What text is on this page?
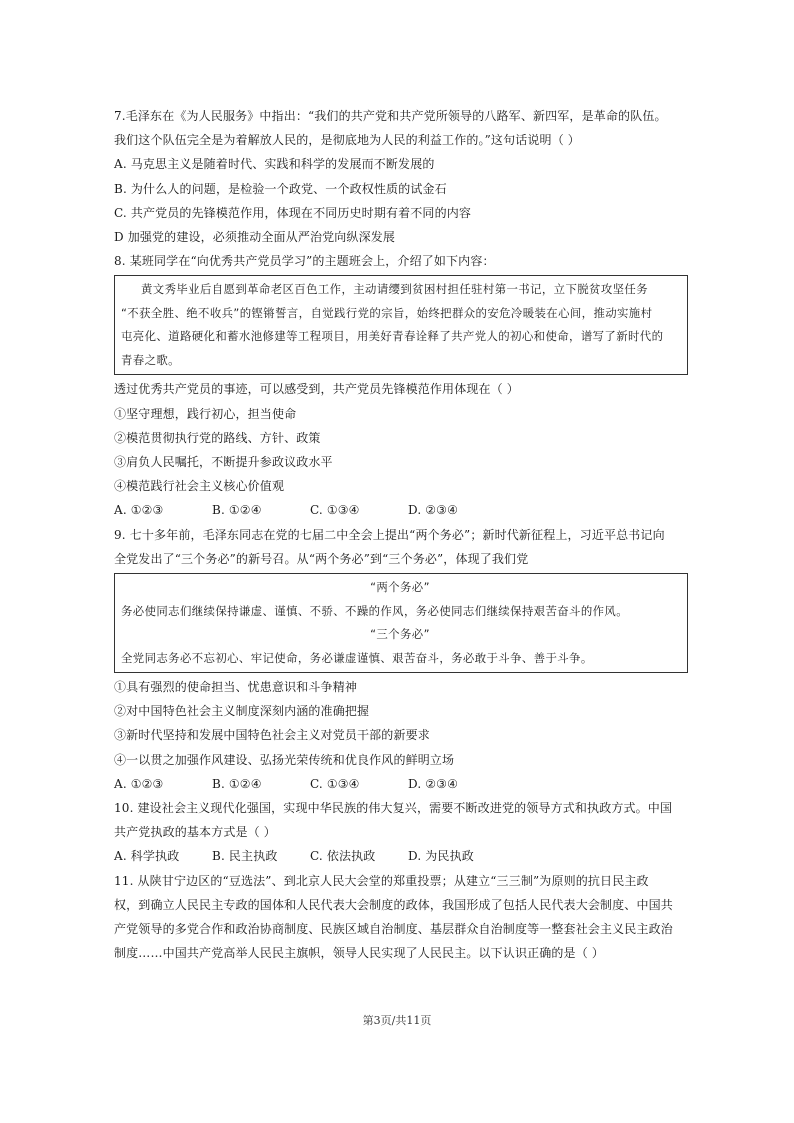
7.毛泽东在《为人民服务》中指出：“我们的共产党和共产党所领导的八路军、新四军，是革命的队伍。
我们这个队伍完全是为着解放人民的，是彻底地为人民的利益工作的。”这句话说明（ ）
A. 马克思主义是随着时代、实践和科学的发展而不断发展的
B. 为什么人的问题，是检验一个政党、一个政权性质的试金石
C. 共产党员的先锋模范作用，体现在不同历史时期有着不同的内容
D 加强党的建设，必须推动全面从严治党向纵深发展
8. 某班同学在“向优秀共产党员学习”的主题班会上，介绍了如下内容：
黄文秀毕业后自愿到革命老区百色工作，主动请缨到贫困村担任驻村第一书记，立下脱贫攻坚任务
“不获全胜、绝不收兵”的铿锵誓言，自觉践行党的宗旨，始终把群众的安危冷暖装在心间，推动实施村
屯亮化、道路硬化和蓄水池修建等工程项目，用美好青春诠释了共产党人的初心和使命，谱写了新时代的
青春之歌。
透过优秀共产党员的事迹，可以感受到，共产党员先锋模范作用体现在（ ）
①坚守理想，践行初心，担当使命
②模范贯彻执行党的路线、方针、政策
③肩负人民嘱托，不断提升参政议政水平
④模范践行社会主义核心价值观
A. ①②③	B. ①②④	C. ①③④	D. ②③④
9. 七十多年前，毛泽东同志在党的七届二中全会上提出“两个务必”；新时代新征程上，习近平总书记向
全党发出了“三个务必”的新号召。从“两个务必”到“三个务必”，体现了我们党
“两个务必”
务必使同志们继续保持谦虚、谨慎、不骄、不躁的作风，务必使同志们继续保持艰苦奋斗的作风。
“三个务必”
全党同志务必不忘初心、牢记使命，务必谦虚谨慎、艰苦奋斗，务必敢于斗争、善于斗争。
①具有强烈的使命担当、忧患意识和斗争精神
②对中国特色社会主义制度深刻内涵的准确把握
③新时代坚持和发展中国特色社会主义对党员干部的新要求
④一以贯之加强作风建设、弘扬光荣传统和优良作风的鲜明立场
A. ①②③	B. ①②④	C. ①③④	D. ②③④
10. 建设社会主义现代化强国，实现中华民族的伟大复兴，需要不断改进党的领导方式和执政方式。中国
共产党执政的基本方式是（ ）
A. 科学执政	B. 民主执政	C. 依法执政	D. 为民执政
11. 从陕甘宁边区的“豆选法”、到北京人民大会堂的郑重投票；从建立“三三制”为原则的抗日民主政
权，到确立人民民主专政的国体和人民代表大会制度的政体，我国形成了包括人民代表大会制度、中国共
产党领导的多党合作和政治协商制度、民族区域自治制度、基层群众自治制度等一整套社会主义民主政治
制度……中国共产党高举人民民主旗帜，领导人民实现了人民民主。以下认识正确的是（ ）
第3页/共11页
